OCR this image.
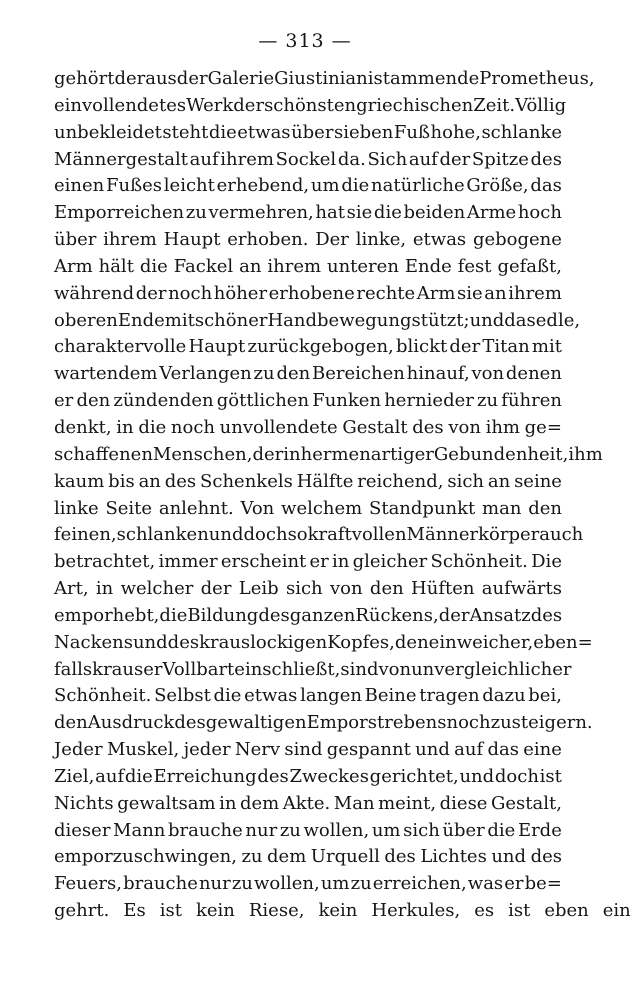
— 313 —
gehört der aus der Galerie Giustiniani stammende Prometheus,
ein vollendetes Werk der schönsten griechischen Zeit. Völlig
unbekleidet steht die etwas über sieben Fuß hohe, schlanke
Männergestalt auf ihrem Sockel da. Sich auf der Spitze des
einen Fußes leicht erhebend, um die natürliche Größe, das
Emporreichen zu vermehren, hat sie die beiden Arme hoch
über ihrem Haupt erhoben. Der linke, etwas gebogene
Arm hält die Fackel an ihrem unteren Ende fest gefaßt,
während der noch höher erhobene rechte Arm sie an ihrem
oberen Ende mit schöner Handbewegung stützt; und das edle,
charaktervolle Haupt zurückgebogen, blickt der Titan mit
wartendem Verlangen zu den Bereichen hinauf, von denen
er den zündenden göttlichen Funken hernieder zu führen
denkt, in die noch unvollendete Gestalt des von ihm ge=
schaffenen Menschen, der in hermenartiger Gebundenheit, ihm
kaum bis an des Schenkels Hälfte reichend, sich an seine
linke Seite anlehnt. Von welchem Standpunkt man den
feinen, schlanken und doch so kraftvollen Männerkörper auch
betrachtet, immer erscheint er in gleicher Schönheit. Die
Art, in welcher der Leib sich von den Hüften aufwärts
emporhebt, die Bildung des ganzen Rückens, der Ansatz des
Nackens und des krauslockigen Kopfes, den ein weicher, eben=
falls krauser Vollbart einschließt, sind von unvergleichlicher
Schönheit. Selbst die etwas langen Beine tragen dazu bei,
den Ausdruck des gewaltigen Emporstrebens noch zu steigern.
Jeder Muskel, jeder Nerv sind gespannt und auf das eine
Ziel, auf die Erreichung des Zweckes gerichtet, und doch ist
Nichts gewaltsam in dem Akte. Man meint, diese Gestalt,
dieser Mann brauche nur zu wollen, um sich über die Erde
emporzuschwingen, zu dem Urquell des Lichtes und des
Feuers, brauche nur zu wollen, um zu erreichen, was er be=
gehrt. Es ist kein Riese, kein Herkules, es ist eben ein
